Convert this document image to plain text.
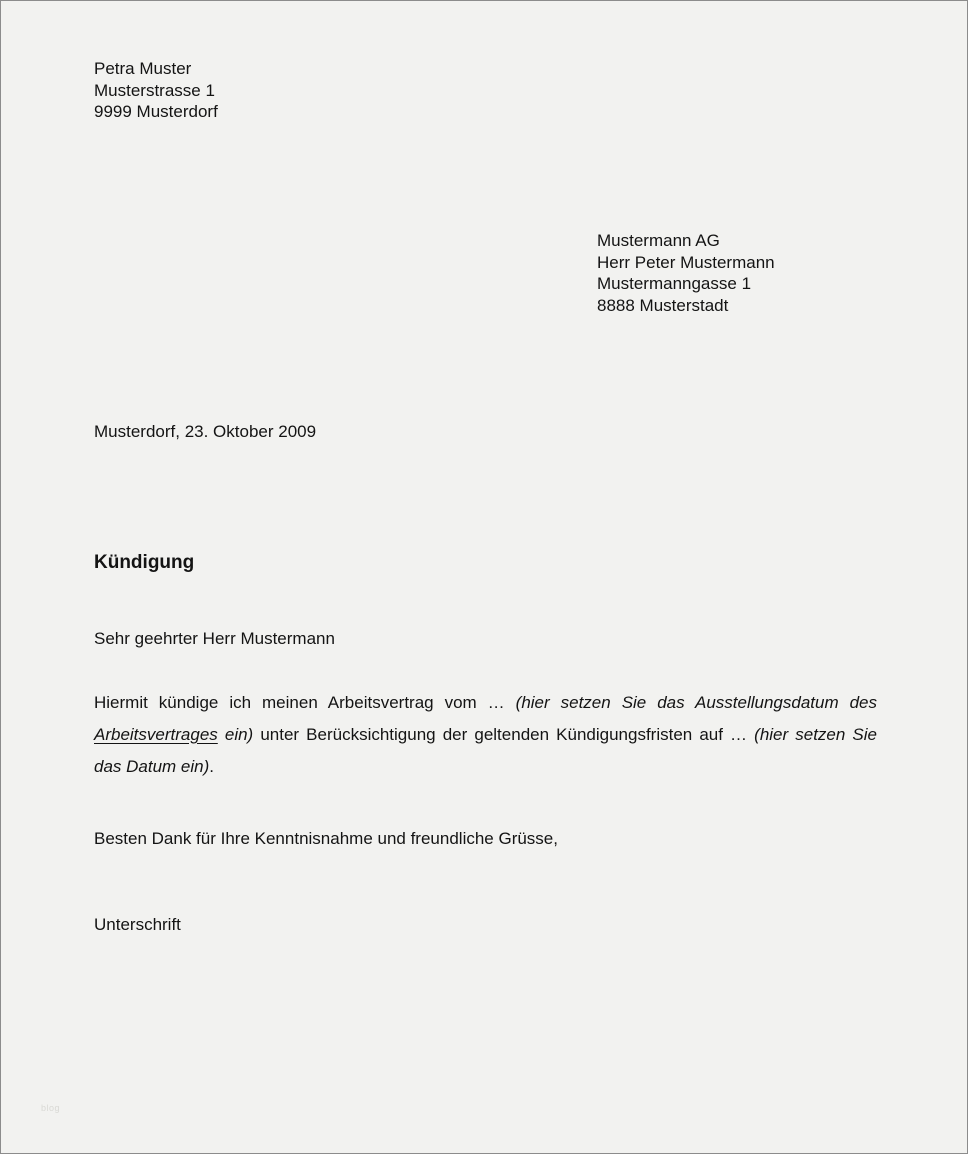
Petra Muster
Musterstrasse 1
9999 Musterdorf
Mustermann AG
Herr Peter Mustermann
Mustermanngasse 1
8888 Musterstadt
Musterdorf, 23. Oktober 2009
Kündigung
Sehr geehrter Herr Mustermann

Hiermit kündige ich meinen Arbeitsvertrag vom … (hier setzen Sie das Ausstellungsdatum des Arbeitsvertrages ein) unter Berücksichtigung der geltenden Kündigungsfristen auf … (hier setzen Sie das Datum ein).

Besten Dank für Ihre Kenntnisnahme und freundliche Grüsse,
Unterschrift
blog
